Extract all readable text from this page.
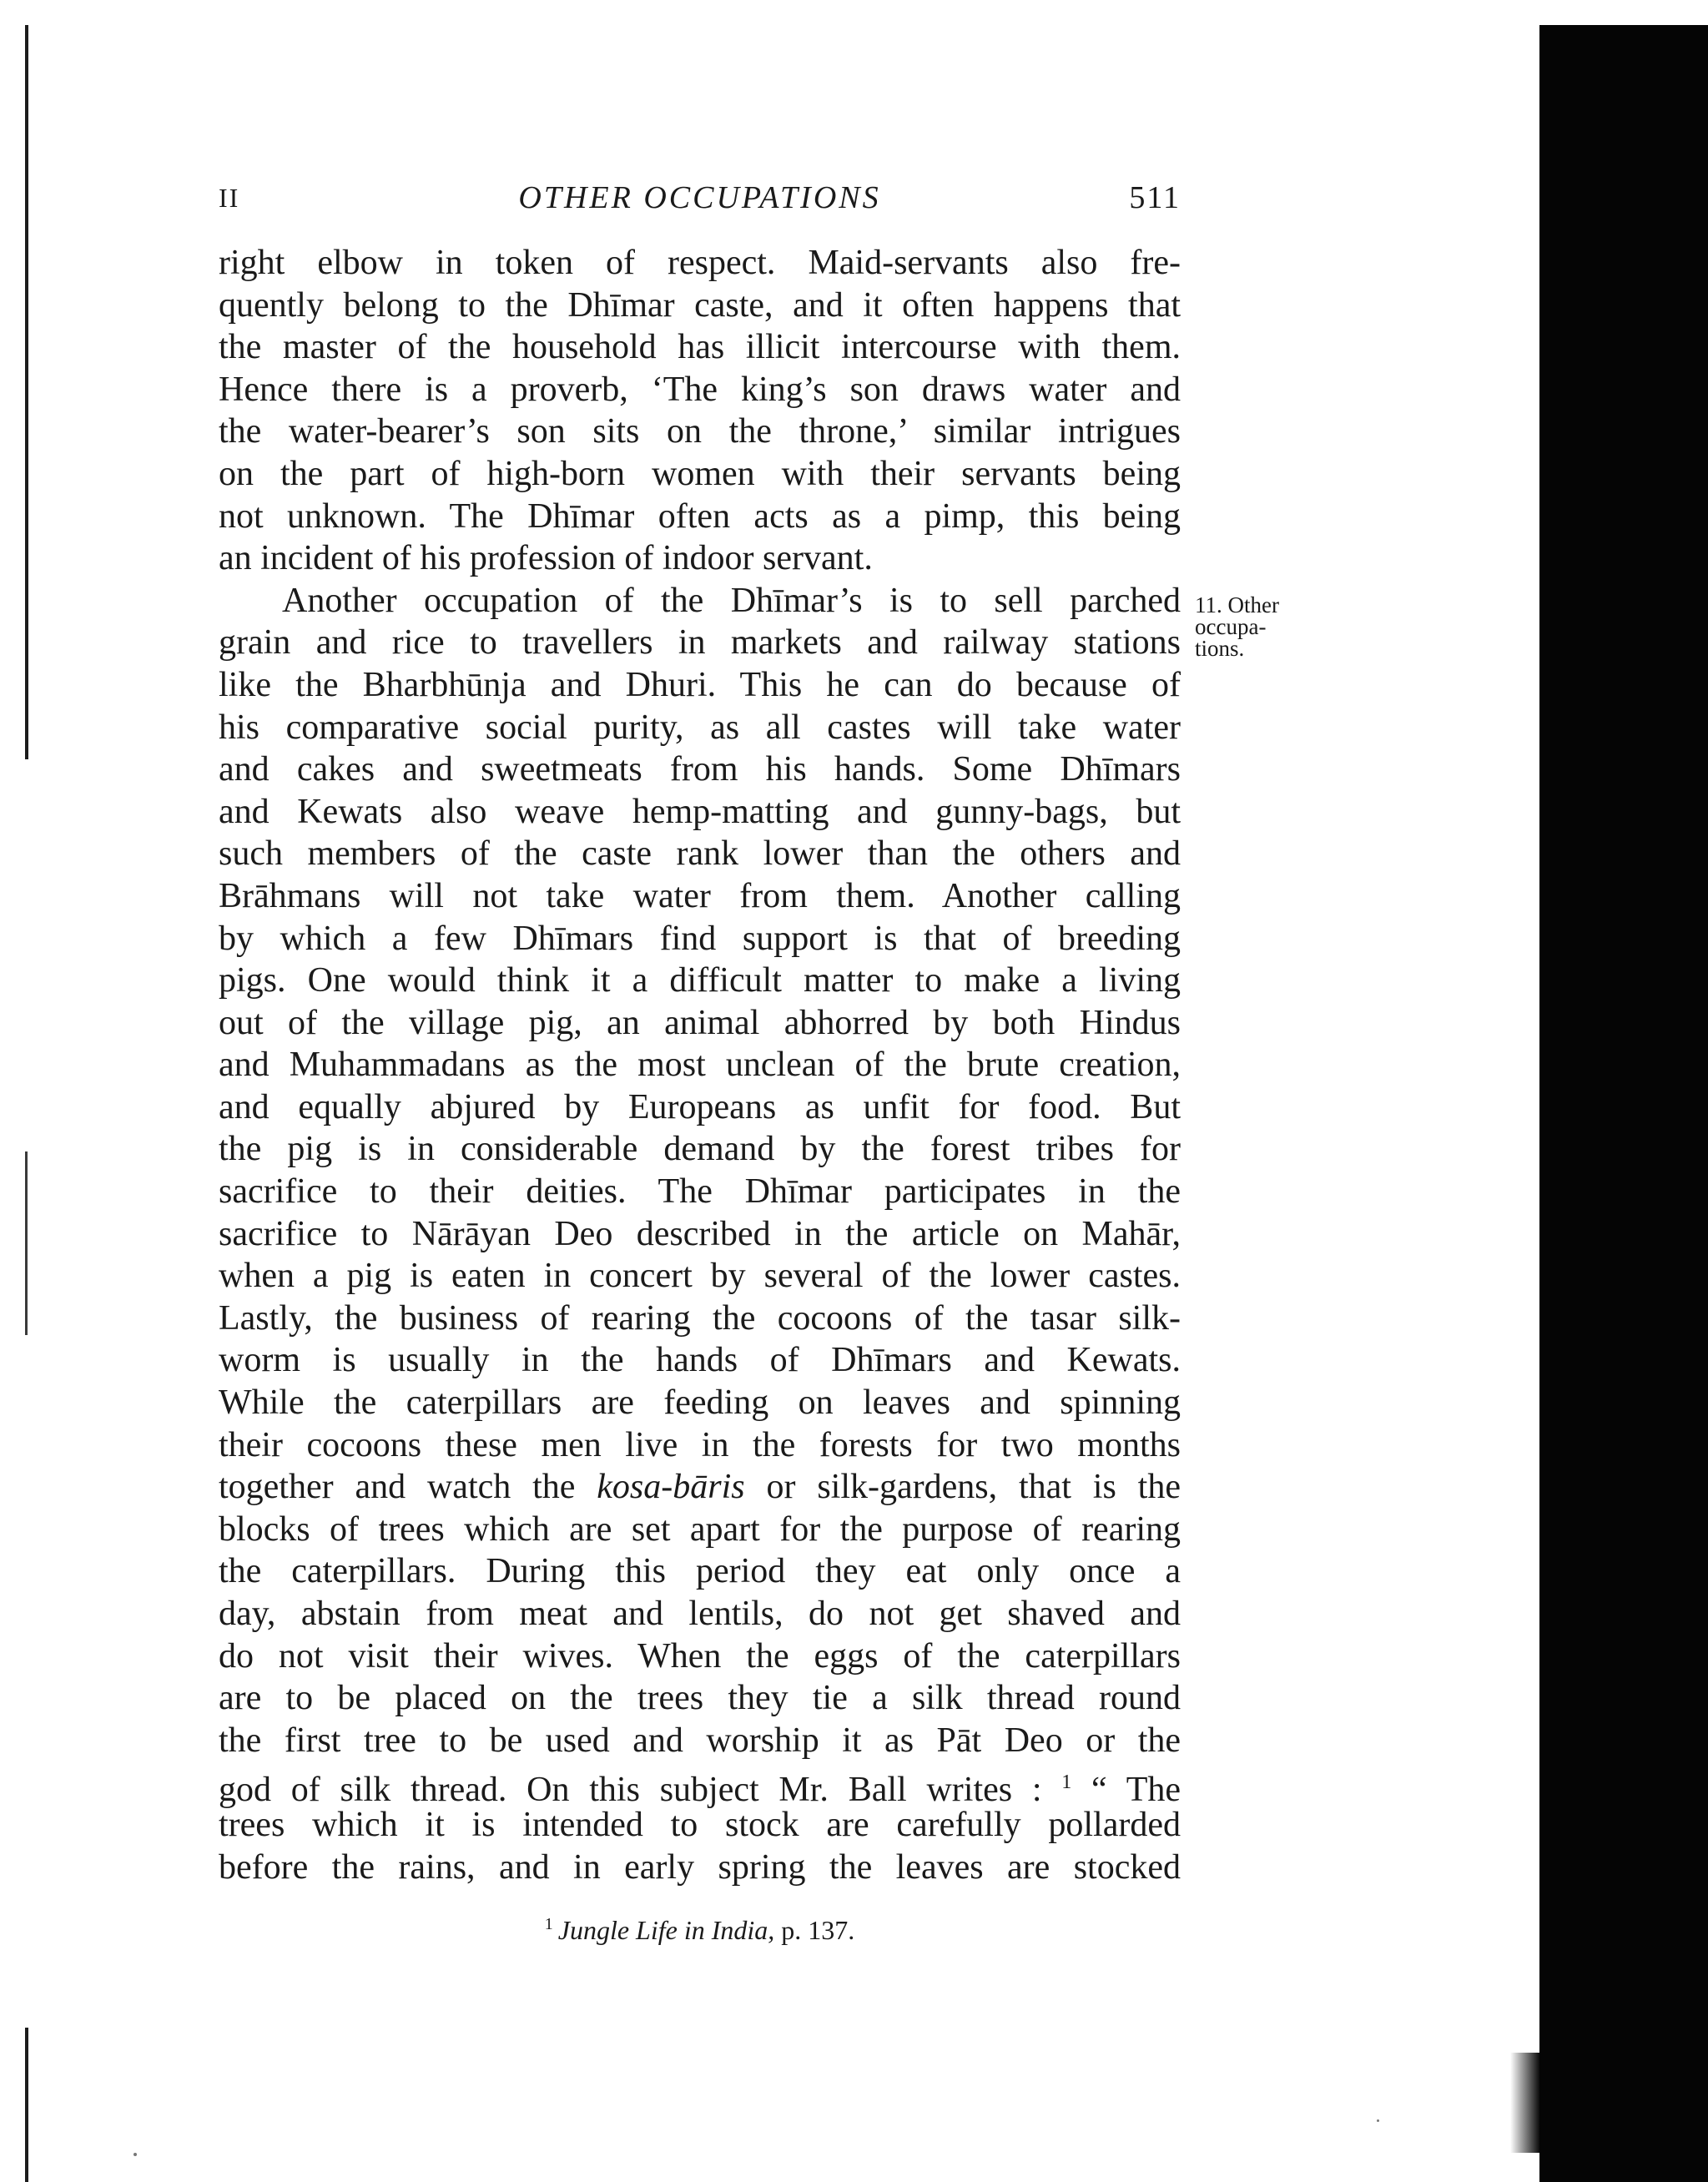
II	OTHER OCCUPATIONS	511
right elbow in token of respect. Maid-servants also fre-
quently belong to the Dhīmar caste, and it often happens that
the master of the household has illicit intercourse with them.
Hence there is a proverb, ‘The king’s son draws water and
the water-bearer’s son sits on the throne,’ similar intrigues
on the part of high-born women with their servants being
not unknown. The Dhīmar often acts as a pimp, this being
an incident of his profession of indoor servant.
Another occupation of the Dhīmar’s is to sell parched
grain and rice to travellers in markets and railway stations
like the Bharbhūnja and Dhuri. This he can do because of
his comparative social purity, as all castes will take water
and cakes and sweetmeats from his hands. Some Dhīmars
and Kewats also weave hemp-matting and gunny-bags, but
such members of the caste rank lower than the others and
Brāhmans will not take water from them. Another calling
by which a few Dhīmars find support is that of breeding
pigs. One would think it a difficult matter to make a living
out of the village pig, an animal abhorred by both Hindus
and Muhammadans as the most unclean of the brute creation,
and equally abjured by Europeans as unfit for food. But
the pig is in considerable demand by the forest tribes for
sacrifice to their deities. The Dhīmar participates in the
sacrifice to Nārāyan Deo described in the article on Mahār,
when a pig is eaten in concert by several of the lower castes.
Lastly, the business of rearing the cocoons of the tasar silk-
worm is usually in the hands of Dhīmars and Kewats.
While the caterpillars are feeding on leaves and spinning
their cocoons these men live in the forests for two months
together and watch the kosa-bāris or silk-gardens, that is the
blocks of trees which are set apart for the purpose of rearing
the caterpillars. During this period they eat only once a
day, abstain from meat and lentils, do not get shaved and
do not visit their wives. When the eggs of the caterpillars
are to be placed on the trees they tie a silk thread round
the first tree to be used and worship it as Pāt Deo or the
god of silk thread. On this subject Mr. Ball writes : $^1$ “ The
trees which it is intended to stock are carefully pollarded
before the rains, and in early spring the leaves are stocked
11. Other
occupa-
tions.
$^1$ Jungle Life in India, p. 137.
